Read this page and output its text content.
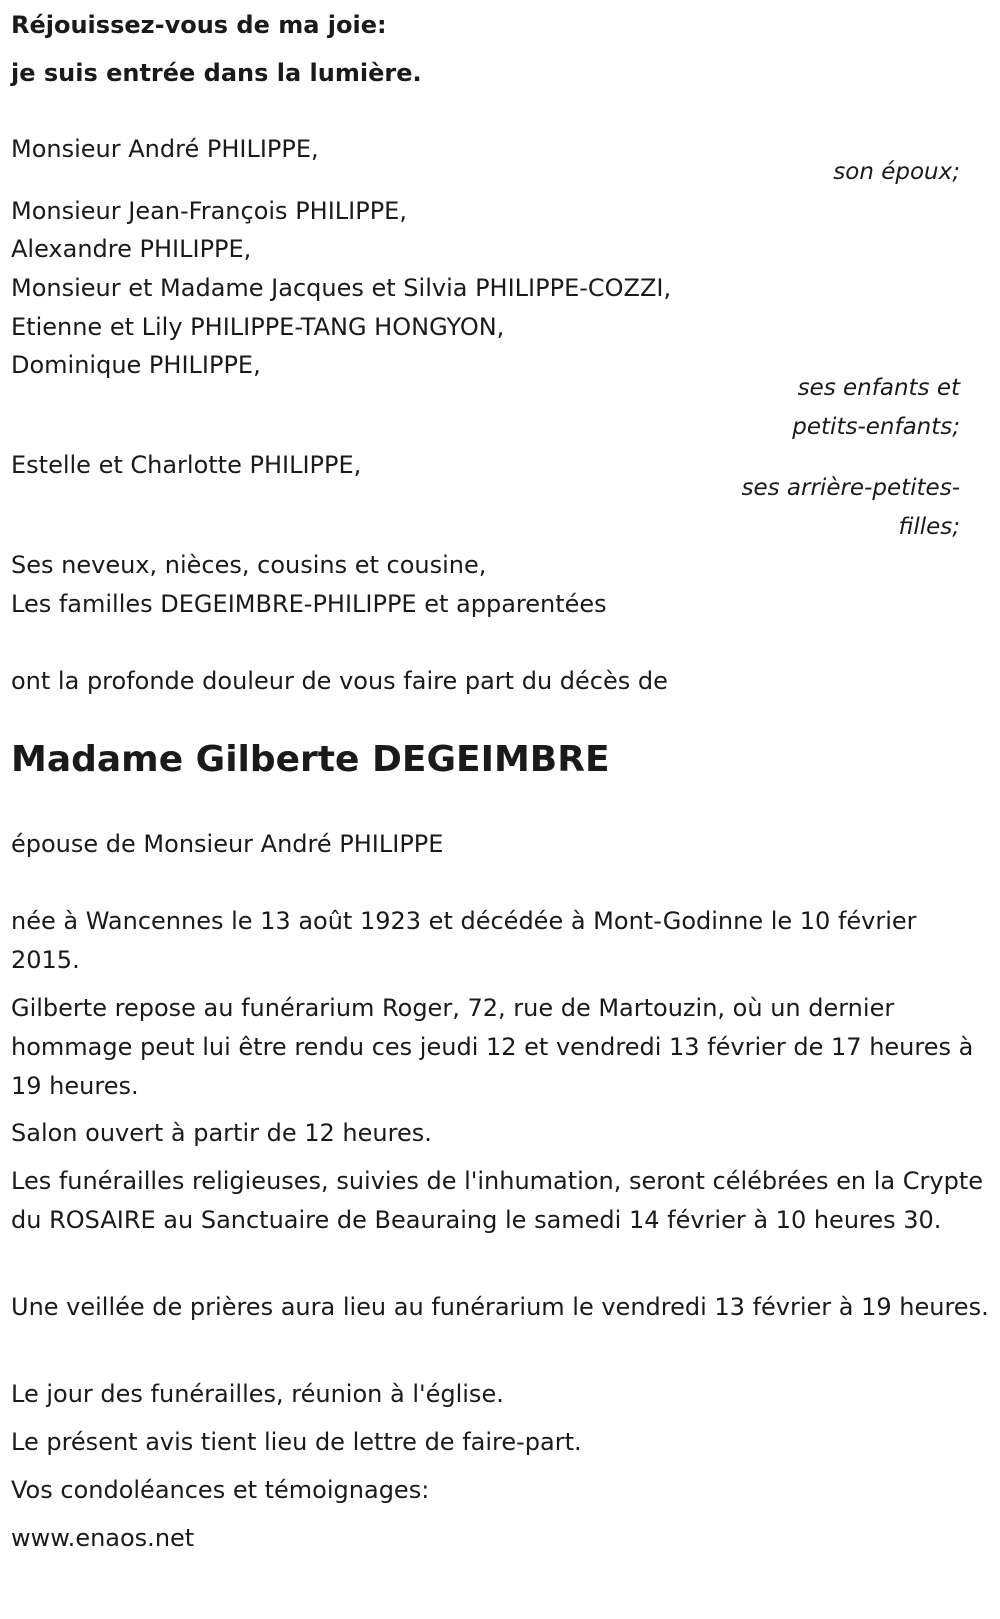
Réjouissez-vous de ma joie:
je suis entrée dans la lumière.
Monsieur André PHILIPPE,
son époux;
Monsieur Jean-François PHILIPPE,
Alexandre PHILIPPE,
Monsieur et Madame Jacques et Silvia PHILIPPE-COZZI,
Etienne et Lily PHILIPPE-TANG HONGYON,
Dominique PHILIPPE,
ses enfants et
petits-enfants;
Estelle et Charlotte PHILIPPE,
ses arrière-petites-
filles;
Ses neveux, nièces, cousins et cousine,
Les familles DEGEIMBRE-PHILIPPE et apparentées
ont la profonde douleur de vous faire part du décès de
Madame Gilberte DEGEIMBRE
épouse de Monsieur André PHILIPPE
née à Wancennes le 13 août 1923 et décédée à Mont-Godinne le 10 février 2015.
Gilberte repose au funérarium Roger, 72, rue de Martouzin, où un dernier hommage peut lui être rendu ces jeudi 12 et vendredi 13 février de 17 heures à 19 heures.
Salon ouvert à partir de 12 heures.
Les funérailles religieuses, suivies de l'inhumation, seront célébrées en la Crypte du ROSAIRE au Sanctuaire de Beauraing le samedi 14 février à 10 heures 30.
Une veillée de prières aura lieu au funérarium le vendredi 13 février à 19 heures.
Le jour des funérailles, réunion à l'église.
Le présent avis tient lieu de lettre de faire-part.
Vos condoléances et témoignages:
www.enaos.net
